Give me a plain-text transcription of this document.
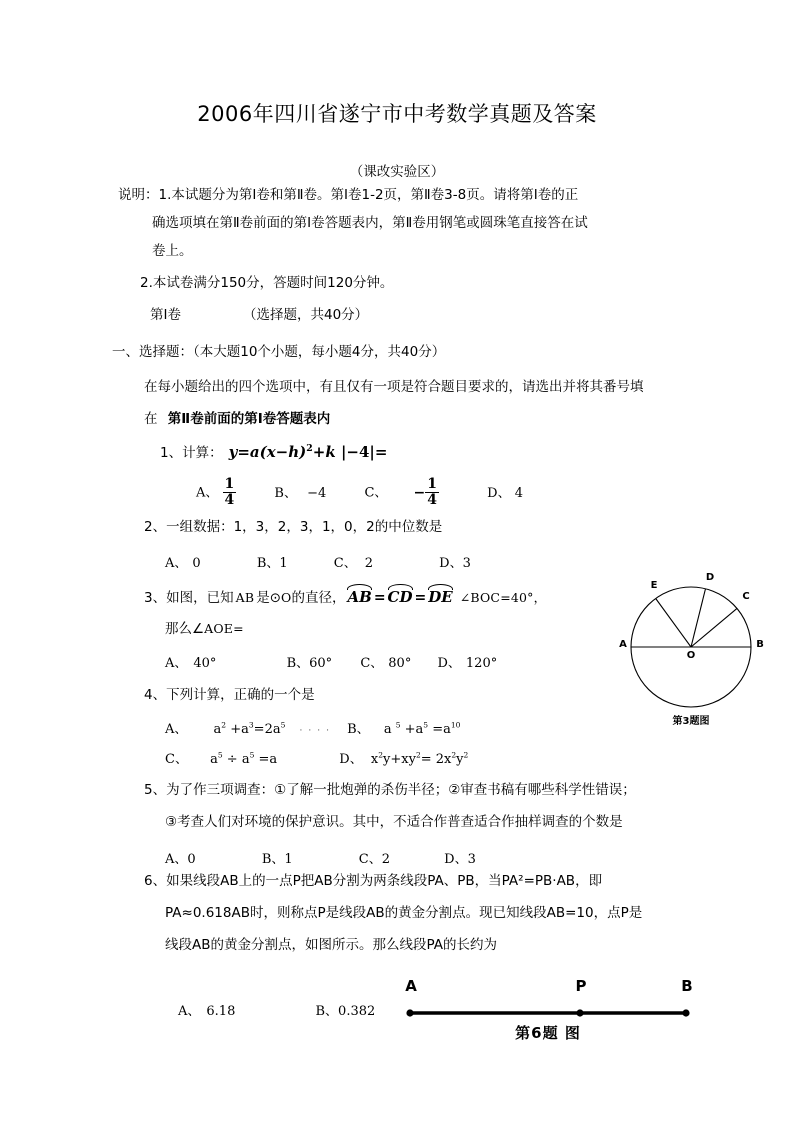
2006年四川省遂宁市中考数学真题及答案
（课改实验区）
说明：1.本试题分为第Ⅰ卷和第Ⅱ卷。第Ⅰ卷1-2页，第Ⅱ卷3-8页。请将第Ⅰ卷的正
确选项填在第Ⅱ卷前面的第Ⅰ卷答题表内，第Ⅱ卷用钢笔或圆珠笔直接答在试
卷上。
2.本试卷满分150分，答题时间120分钟。
第Ⅰ卷	（选择题，共40分）
一、选择题：（本大题10个小题，每小题4分，共40分）
在每小题给出的四个选项中，有且仅有一项是符合题目要求的，请选出并将其番号填
在 第Ⅱ卷前面的第Ⅰ卷答题表内
1、计算： $y=a(x-h)^2+k$ |−4|=
A、 $\frac{1}{4}$	B、 −4	C、 − $\frac{1}{4}$	D、 4
2、一组数据：1，3，2，3，1，0，2的中位数是
A、 0	B、1	C、 2	D、3
3、如图，已知 AB 是⊙O的直径， AB = CD = DE ∠BOC=40°，
那么∠AOE=
A、 40°	B、60° C、 80° D、 120°
A	B
C
D
E
O
第3题图
4、下列计算，正确的一个是
A、 $a^2 +a^3=2a^5$ ···· B、 a $^5 +a^5 =a^{10}$
C、 $a^5 \div a^5 =a$	D、 $x^2y+xy^2= 2x^2y^2$
5、为了作三项调查：①了解一批炮弹的杀伤半径；②审查书稿有哪些科学性错误；
③考查人们对环境的保护意识。其中，不适合作普查适合作抽样调查的个数是
A、0	B、1	C、2	D、3
6、如果线段AB上的一点P把AB分割为两条线段PA、PB，当PA²=PB·AB，即
PA≈0.618AB时，则称点P是线段AB的黄金分割点。现已知线段AB=10，点P是
线段AB的黄金分割点，如图所示。那么线段PA的长约为
A、 6.18	B、0.382
A	P	B
第6题 图
